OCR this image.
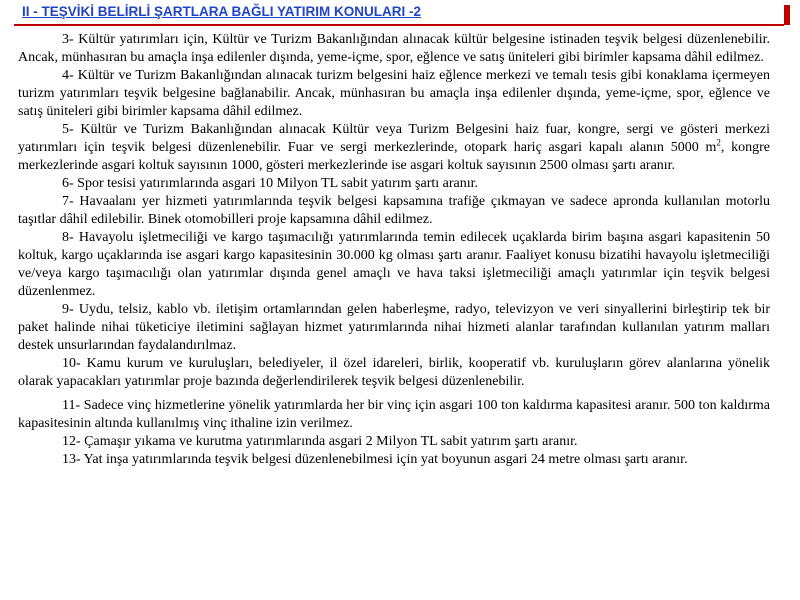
II - TEŞVİKİ BELİRLİ ŞARTLARA BAĞLI YATIRIM KONULARI -2

3- Kültür yatırımları için, Kültür ve Turizm Bakanlığından alınacak kültür belgesine istinaden teşvik belgesi düzenlenebilir. Ancak, münhasıran bu amaçla inşa edilenler dışında, yeme-içme, spor, eğlence ve satış üniteleri gibi birimler kapsama dâhil edilmez.

4- Kültür ve Turizm Bakanlığından alınacak turizm belgesini haiz eğlence merkezi ve temalı tesis gibi konaklama içermeyen turizm yatırımları teşvik belgesine bağlanabilir. Ancak, münhasıran bu amaçla inşa edilenler dışında, yeme-içme, spor, eğlence ve satış üniteleri gibi birimler kapsama dâhil edilmez.

5- Kültür ve Turizm Bakanlığından alınacak Kültür veya Turizm Belgesini haiz fuar, kongre, sergi ve gösteri merkezi yatırımları için teşvik belgesi düzenlenebilir. Fuar ve sergi merkezlerinde, otopark hariç asgari kapalı alanın 5000 $m^2$, kongre merkezlerinde asgari koltuk sayısının 1000, gösteri merkezlerinde ise asgari koltuk sayısının 2500 olması şartı aranır.

6- Spor tesisi yatırımlarında asgari 10 Milyon TL sabit yatırım şartı aranır.

7- Havaalanı yer hizmeti yatırımlarında teşvik belgesi kapsamına trafiğe çıkmayan ve sadece apronda kullanılan motorlu taşıtlar dâhil edilebilir. Binek otomobilleri proje kapsamına dâhil edilmez.

8- Havayolu işletmeciliği ve kargo taşımacılığı yatırımlarında temin edilecek uçaklarda birim başına asgari kapasitenin 50 koltuk, kargo uçaklarında ise asgari kargo kapasitesinin 30.000 kg olması şartı aranır. Faaliyet konusu bizatihi havayolu işletmeciliği ve/veya kargo taşımacılığı olan yatırımlar dışında genel amaçlı ve hava taksi işletmeciliği amaçlı yatırımlar için teşvik belgesi düzenlenmez.

9- Uydu, telsiz, kablo vb. iletişim ortamlarından gelen haberleşme, radyo, televizyon ve veri sinyallerini birleştirip tek bir paket halinde nihai tüketiciye iletimini sağlayan hizmet yatırımlarında nihai hizmeti alanlar tarafından kullanılan yatırım malları destek unsurlarından faydalandırılmaz.

10- Kamu kurum ve kuruluşları, belediyeler, il özel idareleri, birlik, kooperatif vb. kuruluşların görev alanlarına yönelik olarak yapacakları yatırımlar proje bazında değerlendirilerek teşvik belgesi düzenlenebilir.

11- Sadece vinç hizmetlerine yönelik yatırımlarda her bir vinç için asgari 100 ton kaldırma kapasitesi aranır. 500 ton kaldırma kapasitesinin altında kullanılmış vinç ithaline izin verilmez.

12- Çamaşır yıkama ve kurutma yatırımlarında asgari 2 Milyon TL sabit yatırım şartı aranır.

13- Yat inşa yatırımlarında teşvik belgesi düzenlenebilmesi için yat boyunun asgari 24 metre olması şartı aranır.
